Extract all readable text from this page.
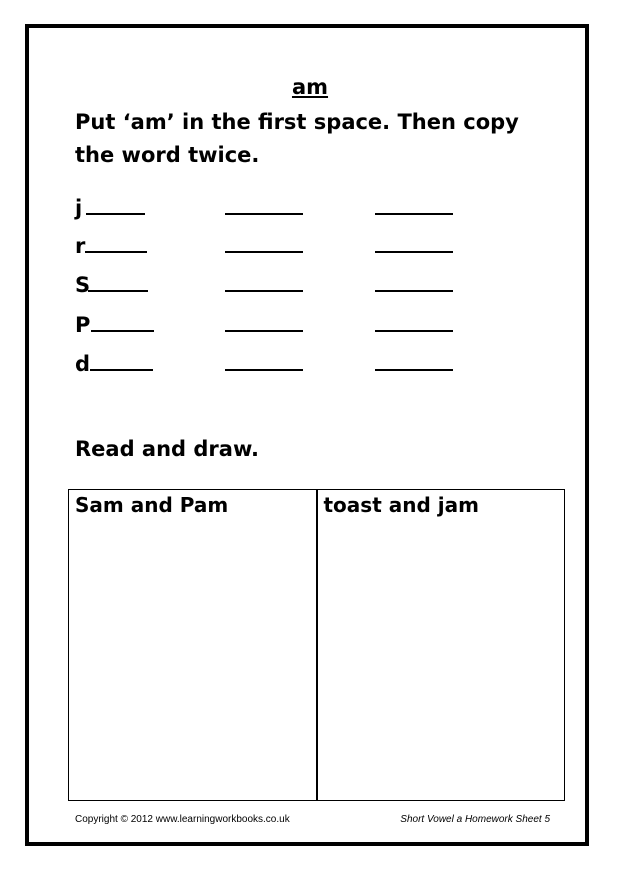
am
Put ‘am’ in the first space. Then copy the word twice.
j
r
S
P
d
Read and draw.
Sam and Pam	toast and jam
Copyright © 2012 www.learningworkbooks.co.uk	Short Vowel a Homework Sheet 5
